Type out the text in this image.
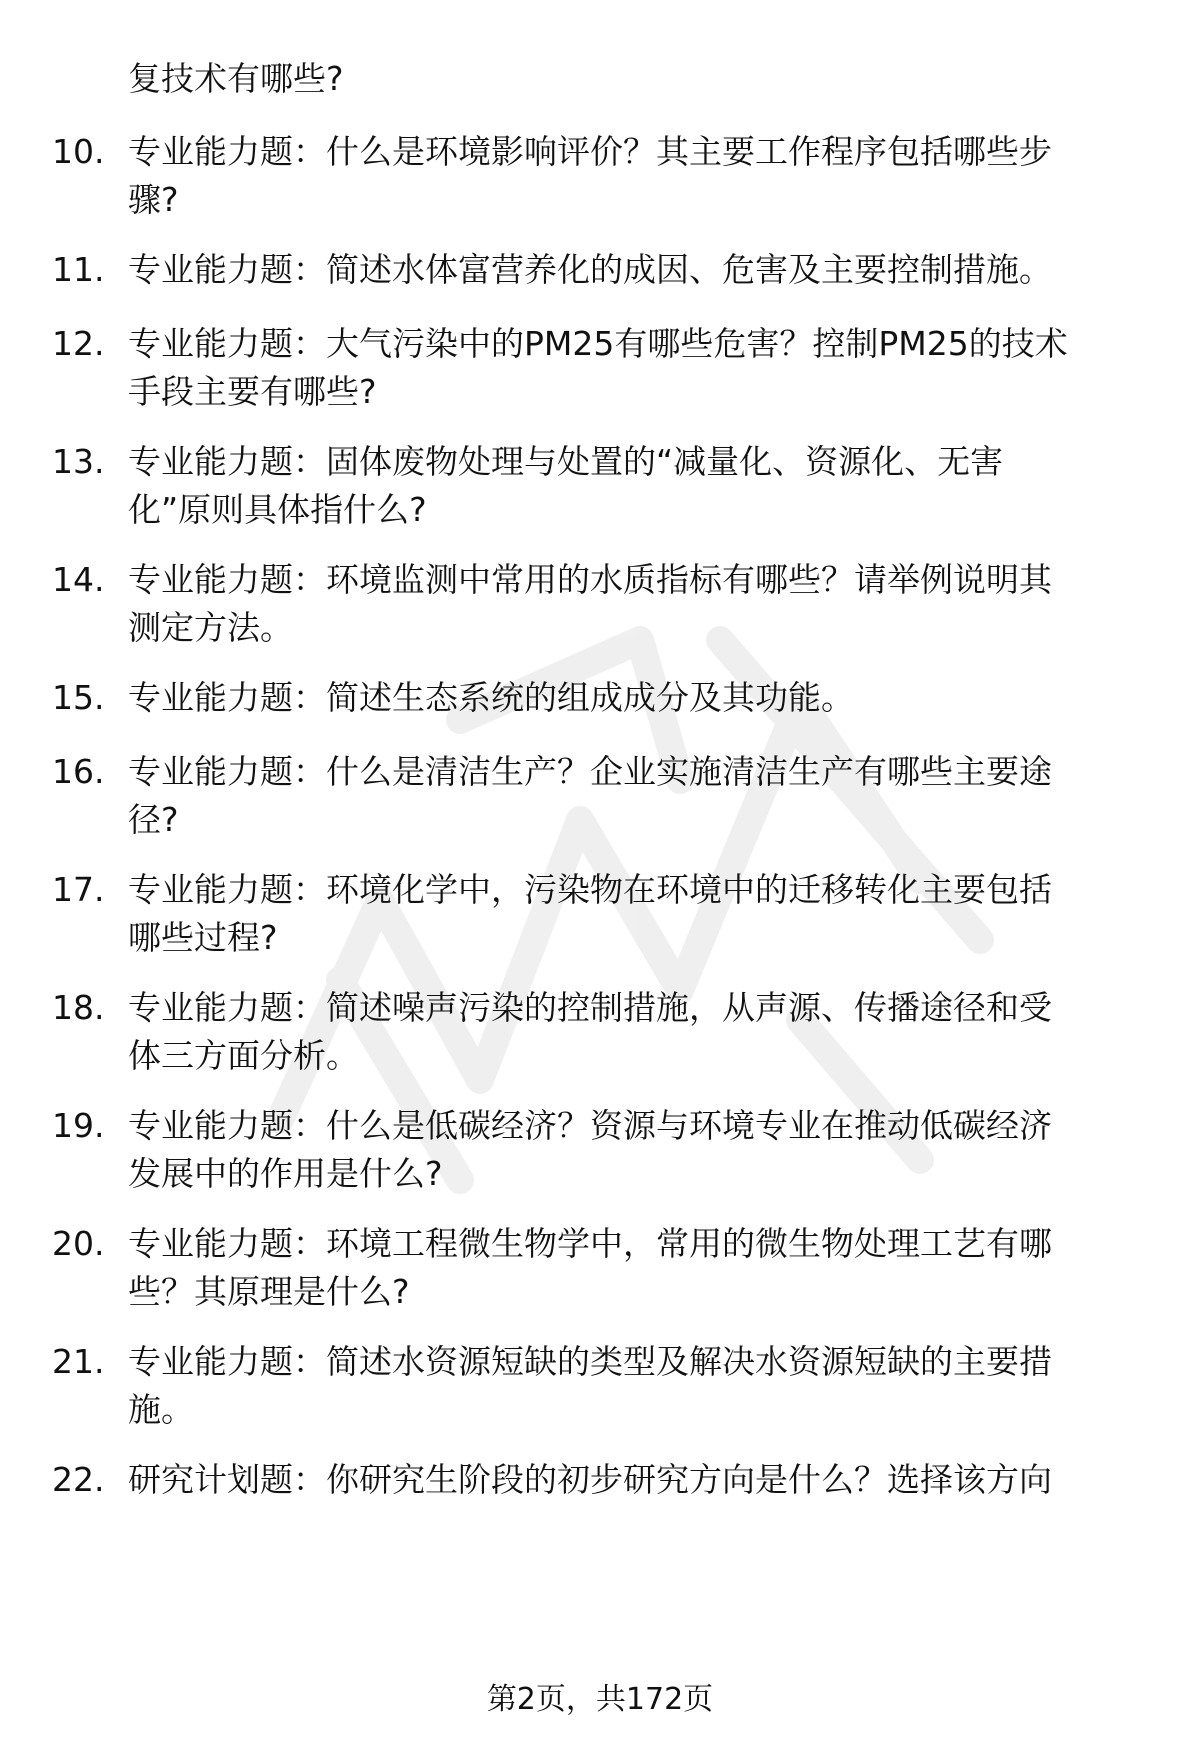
复技术有哪些?
10. 专业能力题：什么是环境影响评价？其主要工作程序包括哪些步
骤?
11. 专业能力题：简述水体富营养化的成因、危害及主要控制措施。
12. 专业能力题：大气污染中的PM25有哪些危害？控制PM25的技术
手段主要有哪些?
13. 专业能力题：固体废物处理与处置的“减量化、资源化、无害
化”原则具体指什么?
14. 专业能力题：环境监测中常用的水质指标有哪些？请举例说明其
测定方法。
15. 专业能力题：简述生态系统的组成成分及其功能。
16. 专业能力题：什么是清洁生产？企业实施清洁生产有哪些主要途
径?
17. 专业能力题：环境化学中，污染物在环境中的迁移转化主要包括
哪些过程?
18. 专业能力题：简述噪声污染的控制措施，从声源、传播途径和受
体三方面分析。
19. 专业能力题：什么是低碳经济？资源与环境专业在推动低碳经济
发展中的作用是什么?
20. 专业能力题：环境工程微生物学中，常用的微生物处理工艺有哪
些？其原理是什么?
21. 专业能力题：简述水资源短缺的类型及解决水资源短缺的主要措
施。
22. 研究计划题：你研究生阶段的初步研究方向是什么？选择该方向
第2页，共172页
